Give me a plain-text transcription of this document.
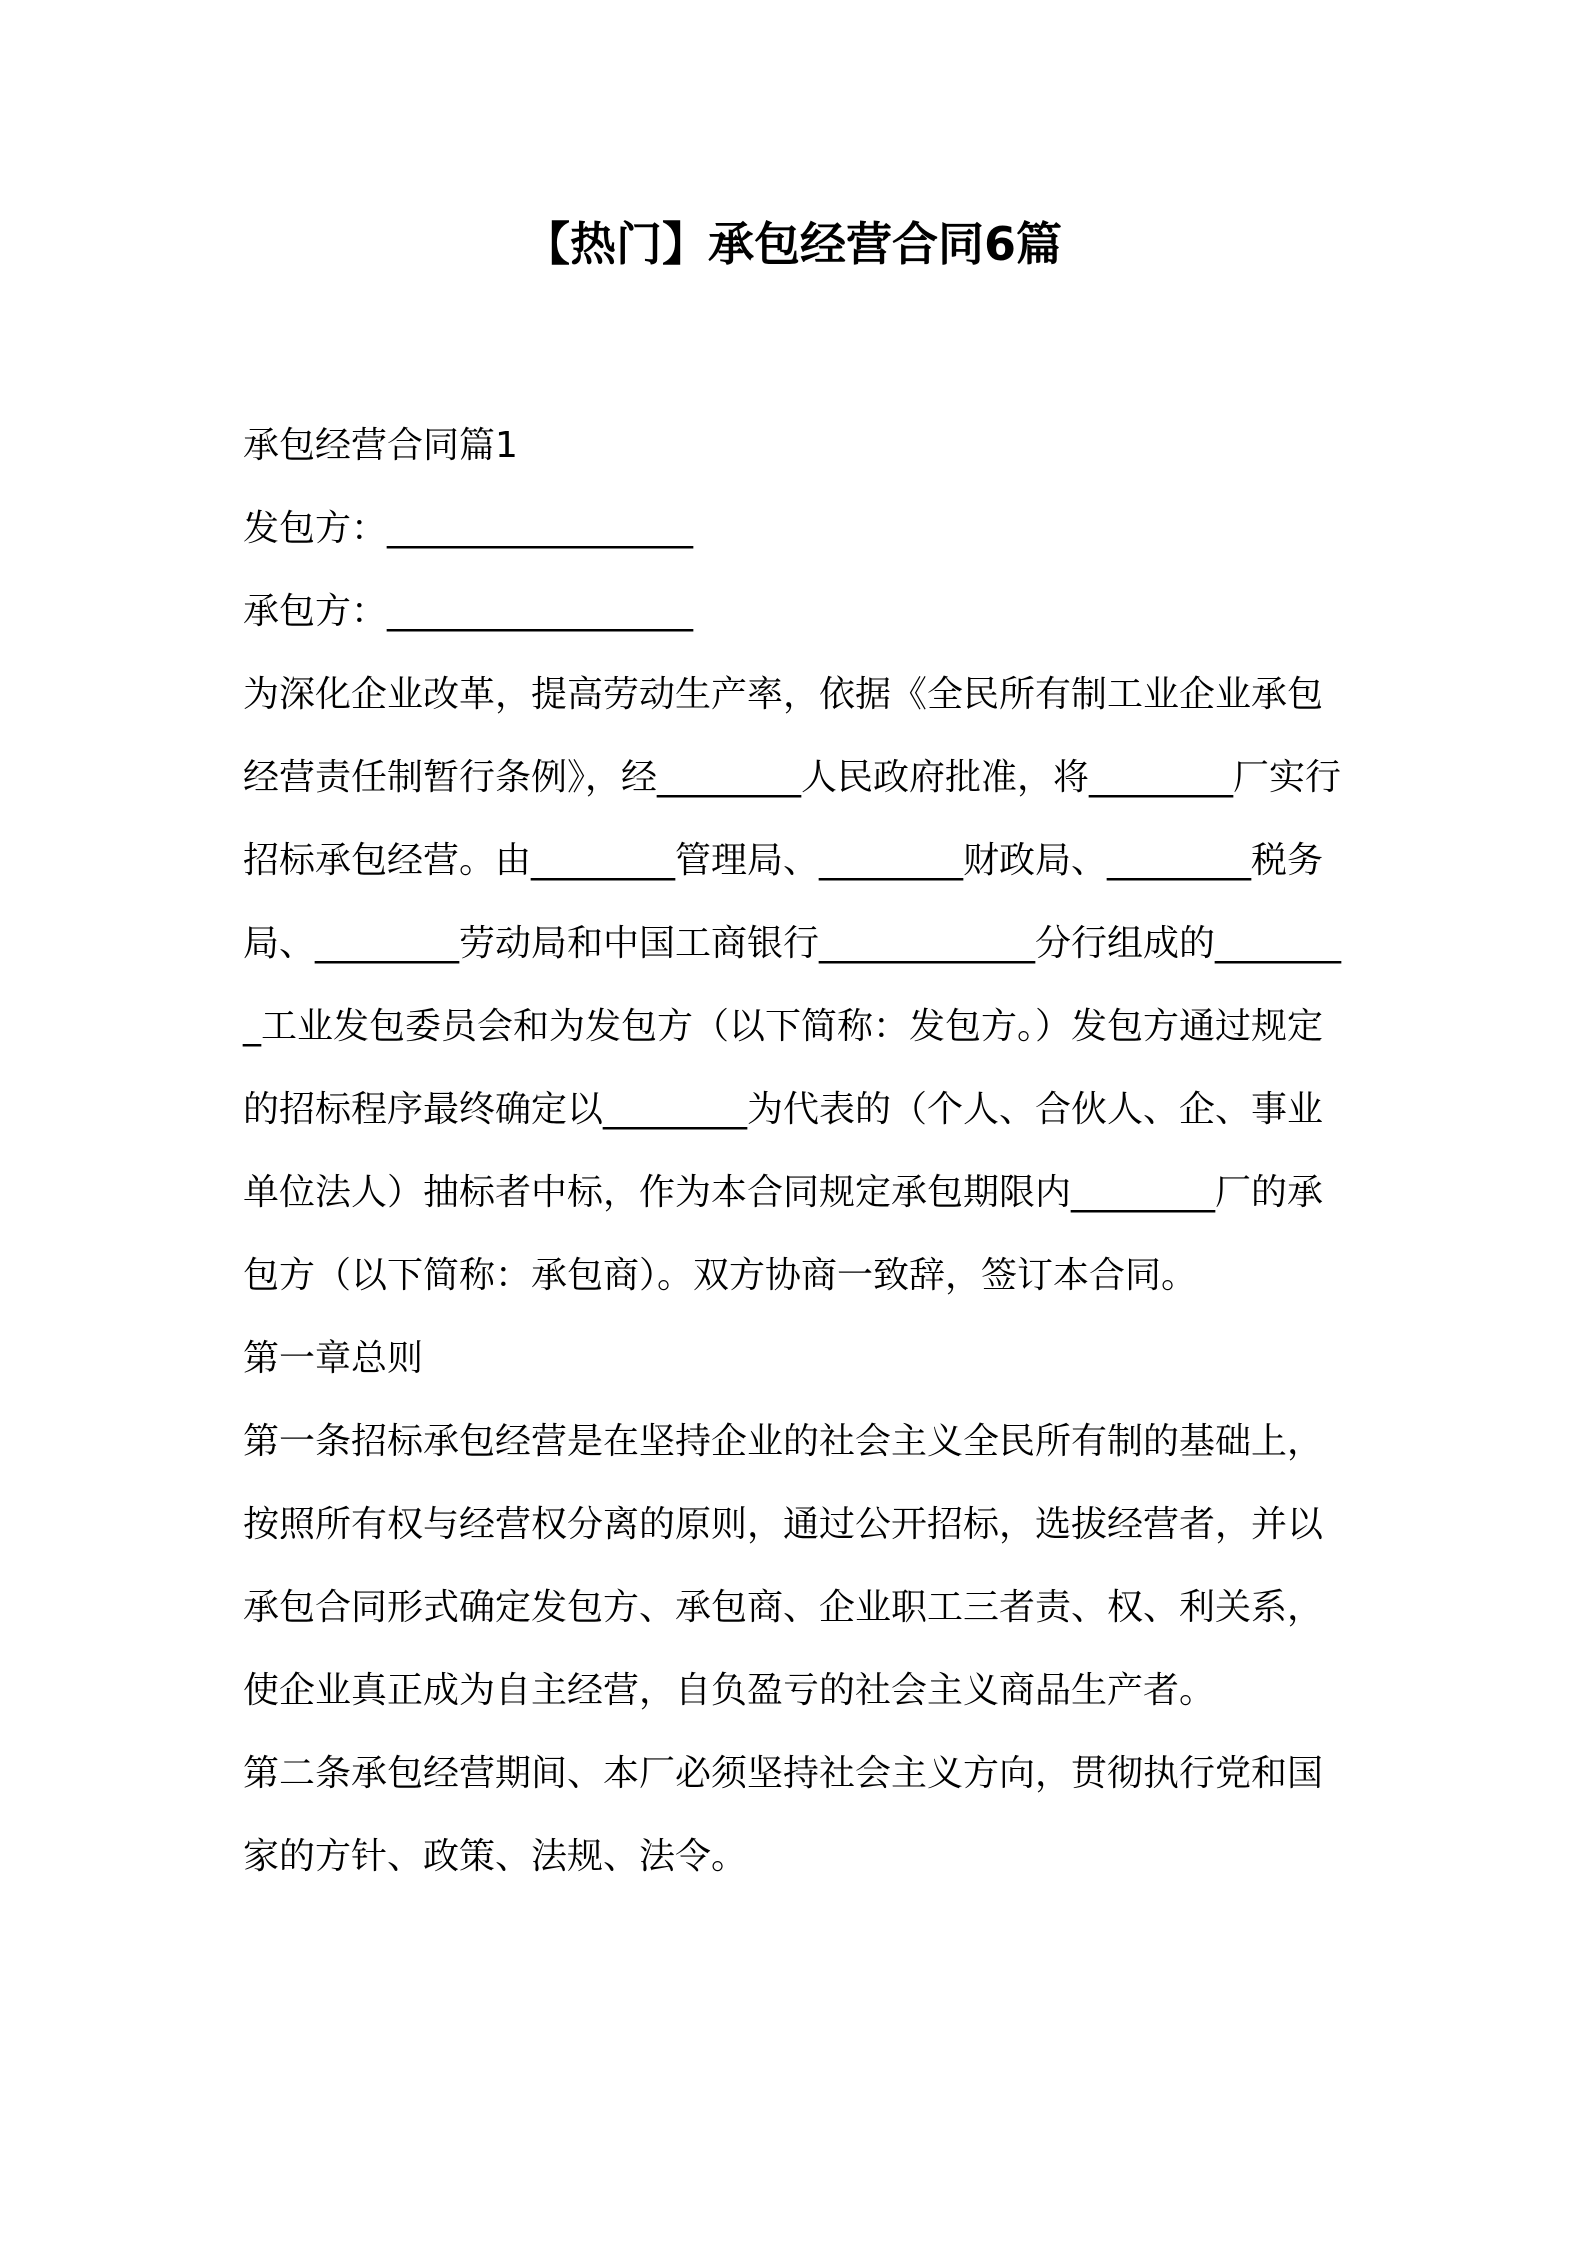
【热门】承包经营合同6篇

承包经营合同篇1

发包方：_________________

承包方：_________________

为深化企业改革，提高劳动生产率，依据《全民所有制工业企业承包经营责任制暂行条例》，经________人民政府批准，将________厂实行招标承包经营。由________管理局、________财政局、________税务局、________劳动局和中国工商银行____________分行组成的________工业发包委员会和为发包方（以下简称：发包方。）发包方通过规定的招标程序最终确定以________为代表的（个人、合伙人、企、事业单位法人）抽标者中标，作为本合同规定承包期限内________厂的承包方（以下简称：承包商）。双方协商一致辞，签订本合同。

第一章总则

第一条招标承包经营是在坚持企业的社会主义全民所有制的基础上，按照所有权与经营权分离的原则，通过公开招标，选拔经营者，并以承包合同形式确定发包方、承包商、企业职工三者责、权、利关系，使企业真正成为自主经营，自负盈亏的社会主义商品生产者。

第二条承包经营期间、本厂必须坚持社会主义方向，贯彻执行党和国家的方针、政策、法规、法令。
